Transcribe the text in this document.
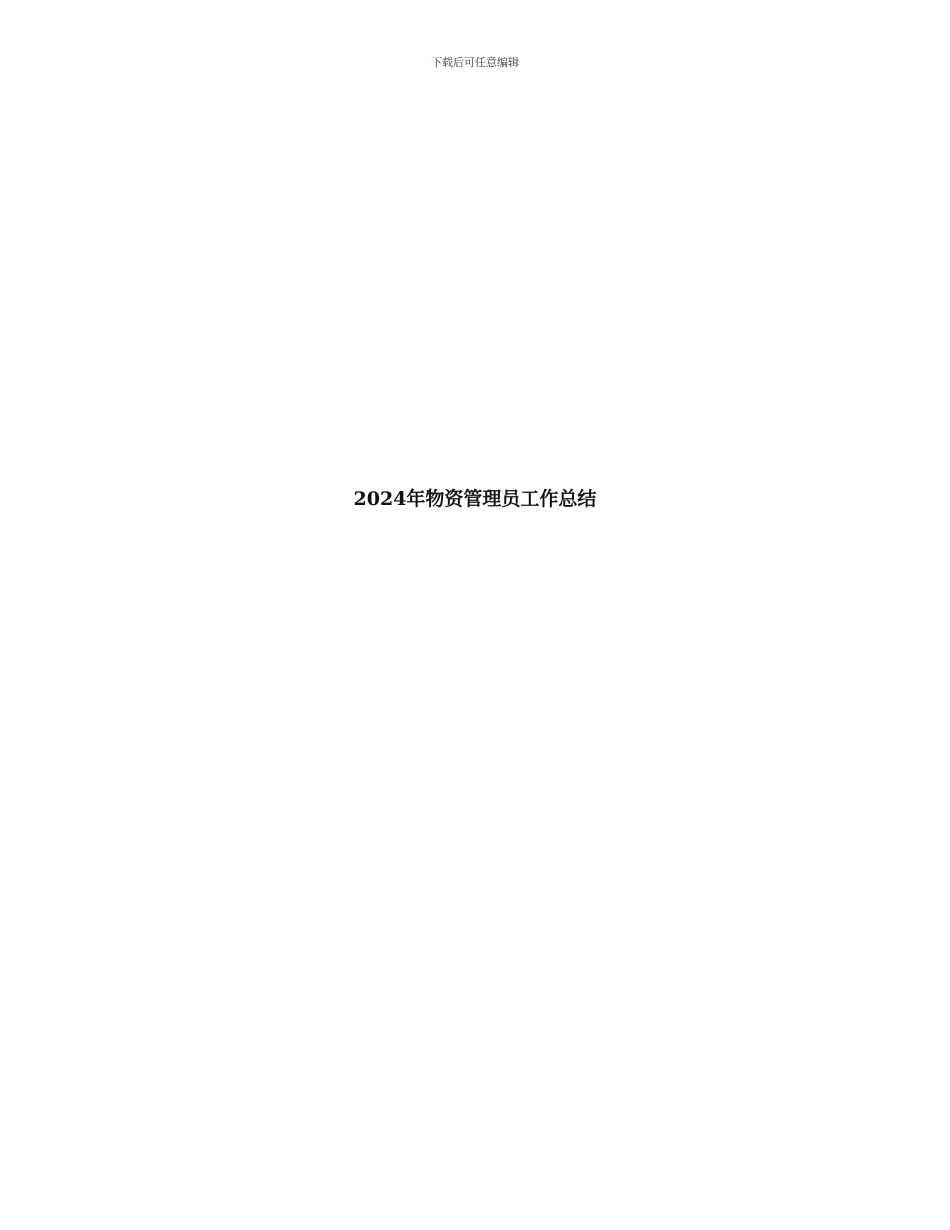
下载后可任意编辑
2024年物资管理员工作总结
